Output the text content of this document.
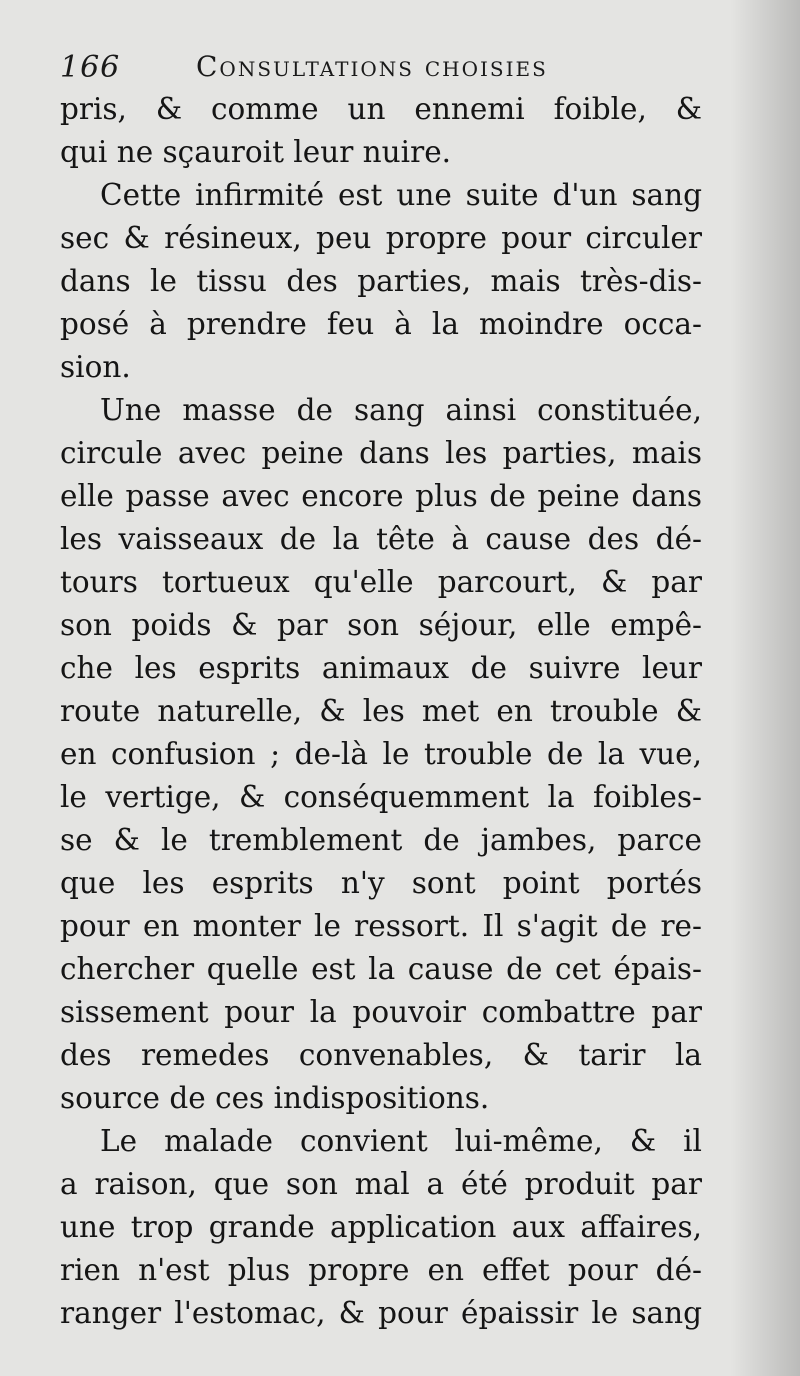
166	Consultations choisies
pris, & comme un ennemi foible, &
qui ne sçauroit leur nuire.
Cette infirmité est une suite d'un sang
sec & résineux, peu propre pour circuler
dans le tissu des parties, mais très-dis-
posé à prendre feu à la moindre occa-
sion.
Une masse de sang ainsi constituée,
circule avec peine dans les parties, mais
elle passe avec encore plus de peine dans
les vaisseaux de la tête à cause des dé-
tours tortueux qu'elle parcourt, & par
son poids & par son séjour, elle empê-
che les esprits animaux de suivre leur
route naturelle, & les met en trouble &
en confusion ; de-là le trouble de la vue,
le vertige, & conséquemment la foibles-
se & le tremblement de jambes, parce
que les esprits n'y sont point portés
pour en monter le ressort. Il s'agit de re-
chercher quelle est la cause de cet épais-
sissement pour la pouvoir combattre par
des remedes convenables, & tarir la
source de ces indispositions.
Le malade convient lui-même, & il
a raison, que son mal a été produit par
une trop grande application aux affaires,
rien n'est plus propre en effet pour dé-
ranger l'estomac, & pour épaissir le sang
